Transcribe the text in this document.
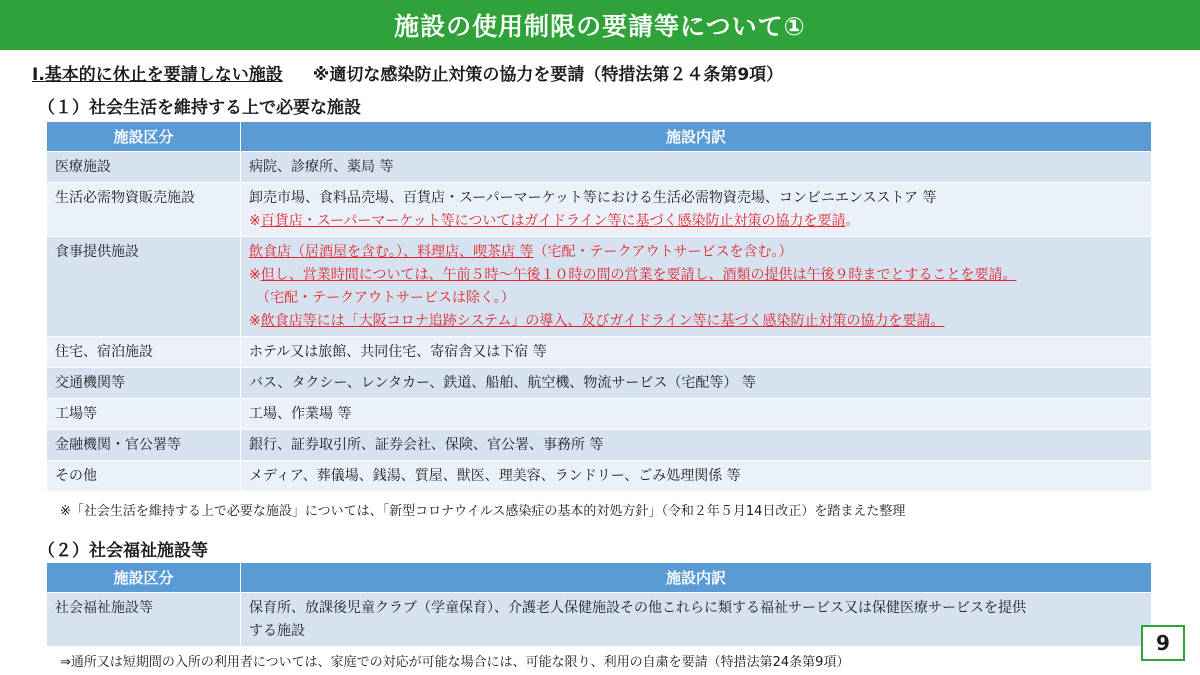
施設の使用制限の要請等について①
Ⅰ.基本的に休止を要請しない施設 ※適切な感染防止対策の協力を要請（特措法第２４条第9項）
（１）社会生活を維持する上で必要な施設
施設区分	施設内訳
医療施設	病院、診療所、薬局 等

生活必需物資販売施設	卸売市場、食料品売場、百貨店・スーパーマーケット等における生活必需物資売場、コンビニエンスストア 等
※百貨店・スーパーマーケット等についてはガイドライン等に基づく感染防止対策の協力を要請。

食事提供施設	飲食店（居酒屋を含む。）、料理店、喫茶店 等（宅配・テークアウトサービスを含む。）
※但し、営業時間については、午前５時～午後１０時の間の営業を要請し、酒類の提供は午後９時までとすることを要請。
　（宅配・テークアウトサービスは除く。）
※飲食店等には「大阪コロナ追跡システム」の導入、及びガイドライン等に基づく感染防止対策の協力を要請。

住宅、宿泊施設	ホテル又は旅館、共同住宅、寄宿舎又は下宿 等

交通機関等	バス、タクシー、レンタカー、鉄道、船舶、航空機、物流サービス（宅配等） 等

工場等	工場、作業場 等

金融機関・官公署等	銀行、証券取引所、証券会社、保険、官公署、事務所 等

その他	メディア、葬儀場、銭湯、質屋、獣医、理美容、ランドリー、ごみ処理関係 等
※「社会生活を維持する上で必要な施設」については、「新型コロナウイルス感染症の基本的対処方針」（令和２年５月14日改正）を踏まえた整理
（２）社会福祉施設等
施設区分	施設内訳
社会福祉施設等	保育所、放課後児童クラブ（学童保育）、介護老人保健施設その他これらに類する福祉サービス又は保健医療サービスを提供
する施設
⇒通所又は短期間の入所の利用者については、家庭での対応が可能な場合には、可能な限り、利用の自粛を要請（特措法第24条第9項）
9
